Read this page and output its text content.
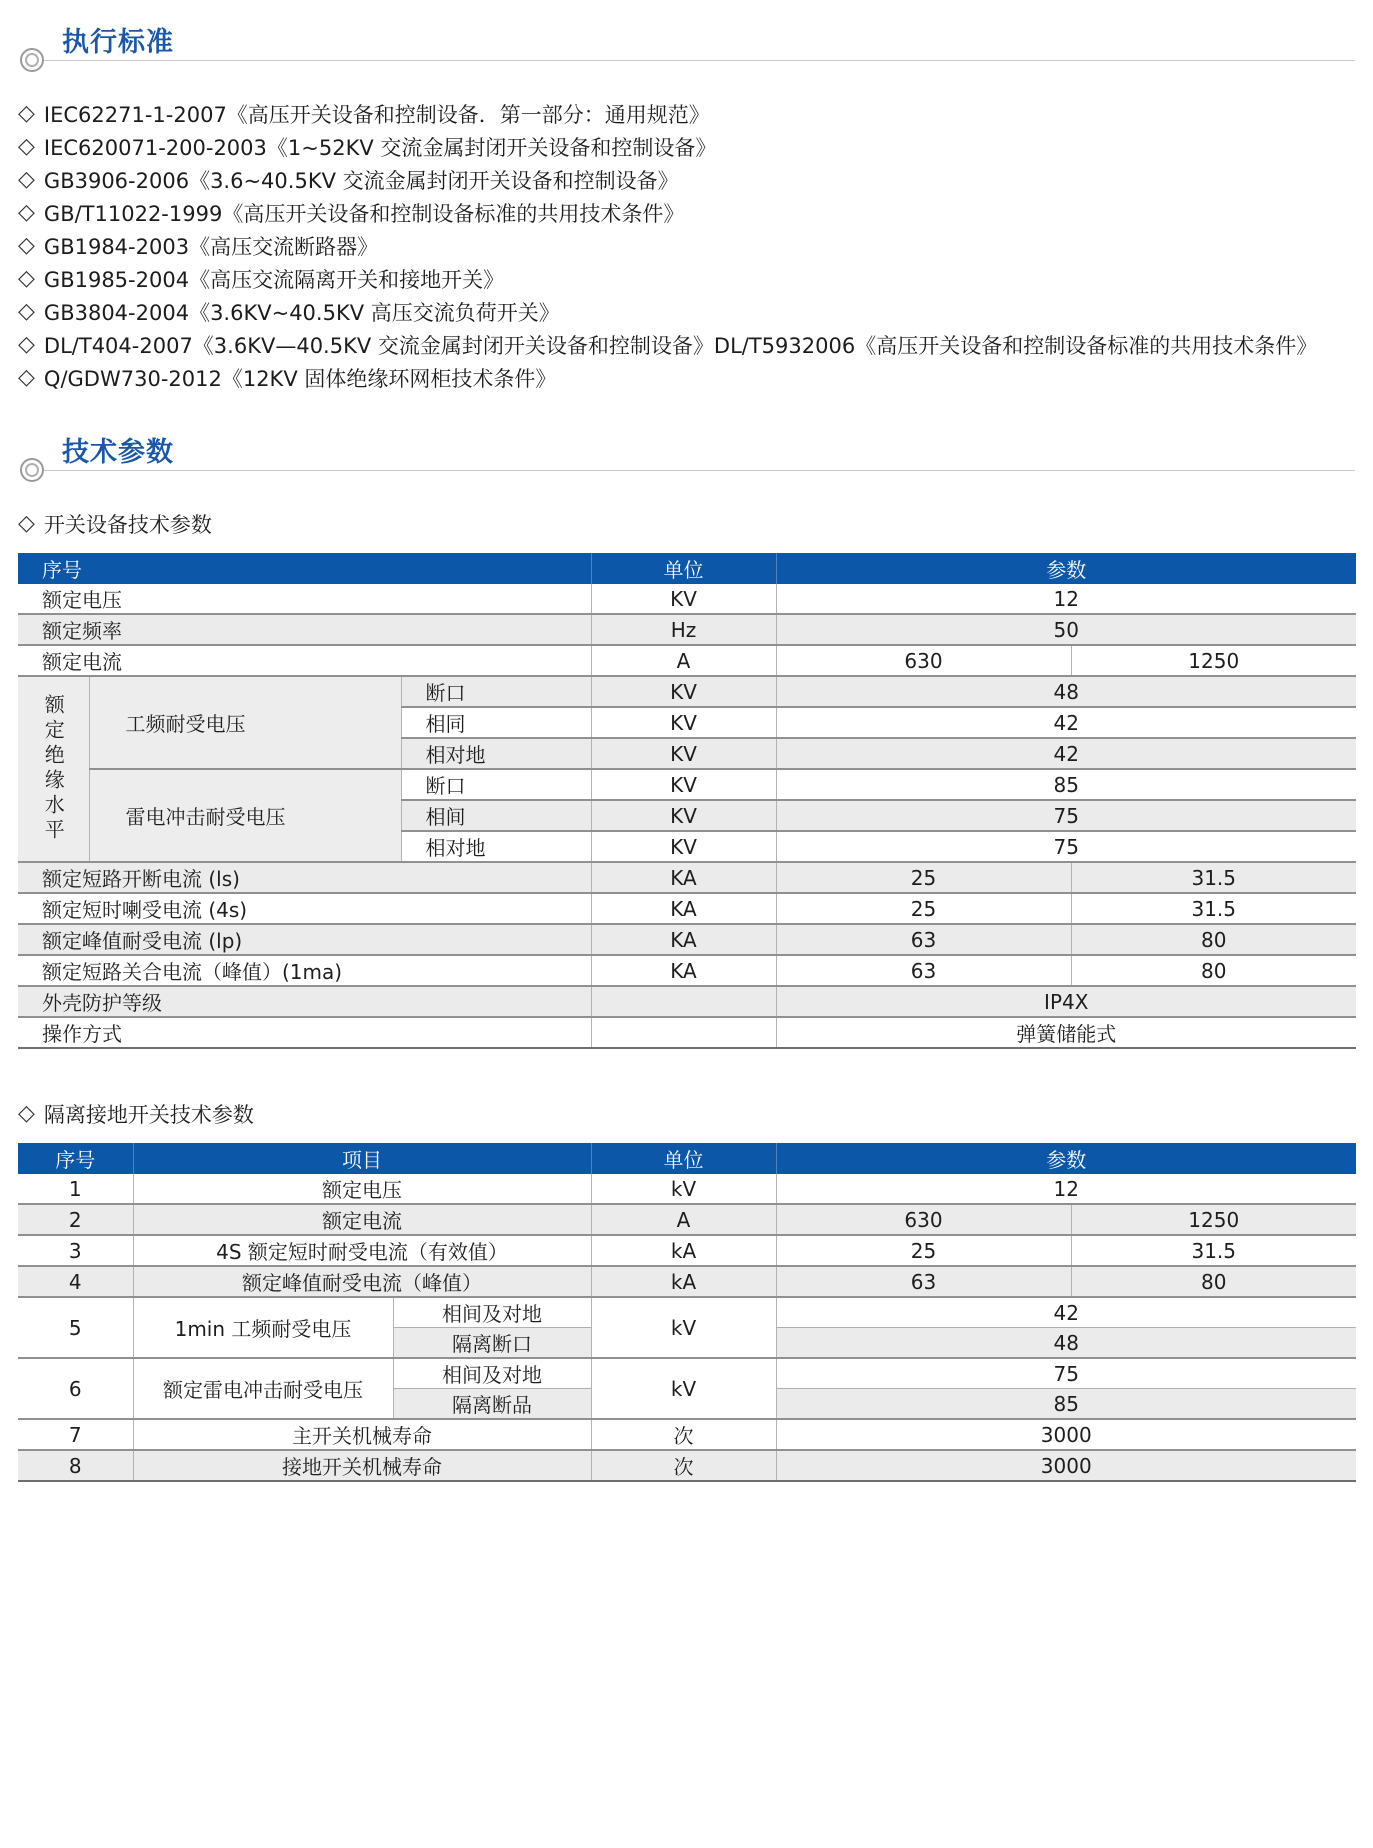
执行标准
◇ IEC62271-1-2007《高压开关设备和控制设备．第一部分：通用规范》
◇ IEC620071-200-2003《1~52KV 交流金属封闭开关设备和控制设备》
◇ GB3906-2006《3.6~40.5KV 交流金属封闭开关设备和控制设备》
◇ GB/T11022-1999《高压开关设备和控制设备标准的共用技术条件》
◇ GB1984-2003《高压交流断路器》
◇ GB1985-2004《高压交流隔离开关和接地开关》
◇ GB3804-2004《3.6KV~40.5KV 高压交流负荷开关》
◇ DL/T404-2007《3.6KV—40.5KV 交流金属封闭开关设备和控制设备》DL/T5932006《高压开关设备和控制设备标准的共用技术条件》
◇ Q/GDW730-2012《12KV 固体绝缘环网柜技术条件》
技术参数
◇ 开关设备技术参数
序号			单位	参数	
额定电压			KV	12	
额定频率			Hz	50	
额定电流			A	630	1250

额定绝缘水平	工频耐受电压	断口	KV	48	
		相同	KV	42	
		相对地	KV	42	
	雷电冲击耐受电压	断口	KV	85	
		相间	KV	75	
		相对地	KV	75	
额定短路开断电流 (ls)			KA	25	31.5
额定短时喇受电流 (4s)			KA	25	31.5
额定峰值耐受电流 (lp)			KA	63	80
额定短路关合电流（峰值）(1ma)			KA	63	80
外壳防护等级				IP4X	
操作方式				弹簧储能式	
◇ 隔离接地开关技术参数
序号	项目		单位	参数	
1	额定电压		kV	12	
2	额定电流		A	630	1250
3	4S 额定短时耐受电流（有效值）		kA	25	31.5
4	额定峰值耐受电流（峰值）		kA	63	80
5	1min 工频耐受电压	相间及对地	kV	42	
		隔离断口		48	
6	额定雷电冲击耐受电压	相间及对地	kV	75	
		隔离断品		85	
7	主开关机械寿命		次	3000	
8	接地开关机械寿命		次	3000	
